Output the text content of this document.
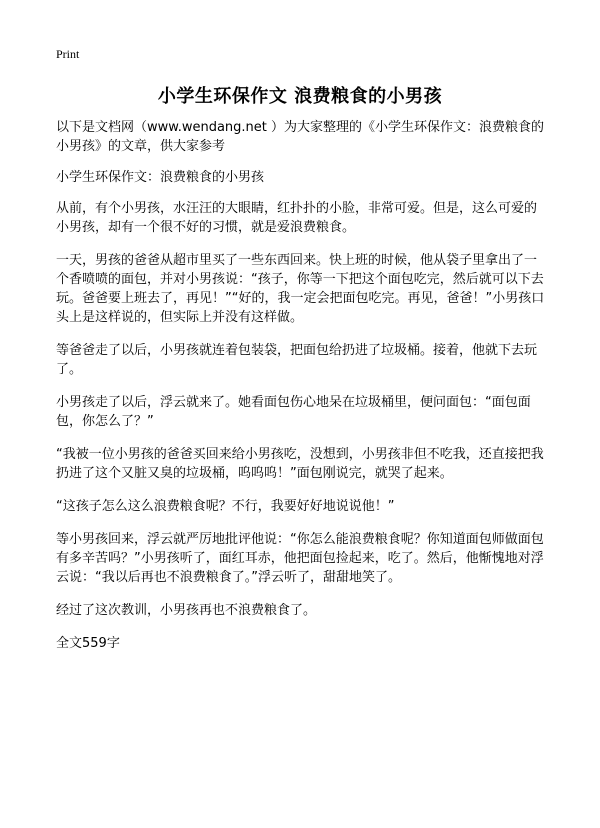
Print
小学生环保作文 浪费粮食的小男孩

以下是文档网（www.wendang.net ）为大家整理的《小学生环保作文：浪费粮食的小男孩》的文章，供大家参考

小学生环保作文：浪费粮食的小男孩

从前，有个小男孩，水汪汪的大眼睛，红扑扑的小脸，非常可爱。但是，这么可爱的小男孩，却有一个很不好的习惯，就是爱浪费粮食。

一天，男孩的爸爸从超市里买了一些东西回来。快上班的时候，他从袋子里拿出了一个香喷喷的面包，并对小男孩说：“孩子，你等一下把这个面包吃完，然后就可以下去玩。爸爸要上班去了，再见！”“好的，我一定会把面包吃完。再见，爸爸！”小男孩口头上是这样说的，但实际上并没有这样做。

等爸爸走了以后，小男孩就连着包装袋，把面包给扔进了垃圾桶。接着，他就下去玩了。

小男孩走了以后，浮云就来了。她看面包伤心地呆在垃圾桶里，便问面包：“面包面包，你怎么了？”

“我被一位小男孩的爸爸买回来给小男孩吃，没想到，小男孩非但不吃我，还直接把我扔进了这个又脏又臭的垃圾桶，呜呜呜！”面包刚说完，就哭了起来。

“这孩子怎么这么浪费粮食呢？不行，我要好好地说说他！”

等小男孩回来，浮云就严厉地批评他说：“你怎么能浪费粮食呢？你知道面包师做面包有多辛苦吗？”小男孩听了，面红耳赤，他把面包捡起来，吃了。然后，他惭愧地对浮云说：“我以后再也不浪费粮食了。”浮云听了，甜甜地笑了。

经过了这次教训，小男孩再也不浪费粮食了。

全文559字
